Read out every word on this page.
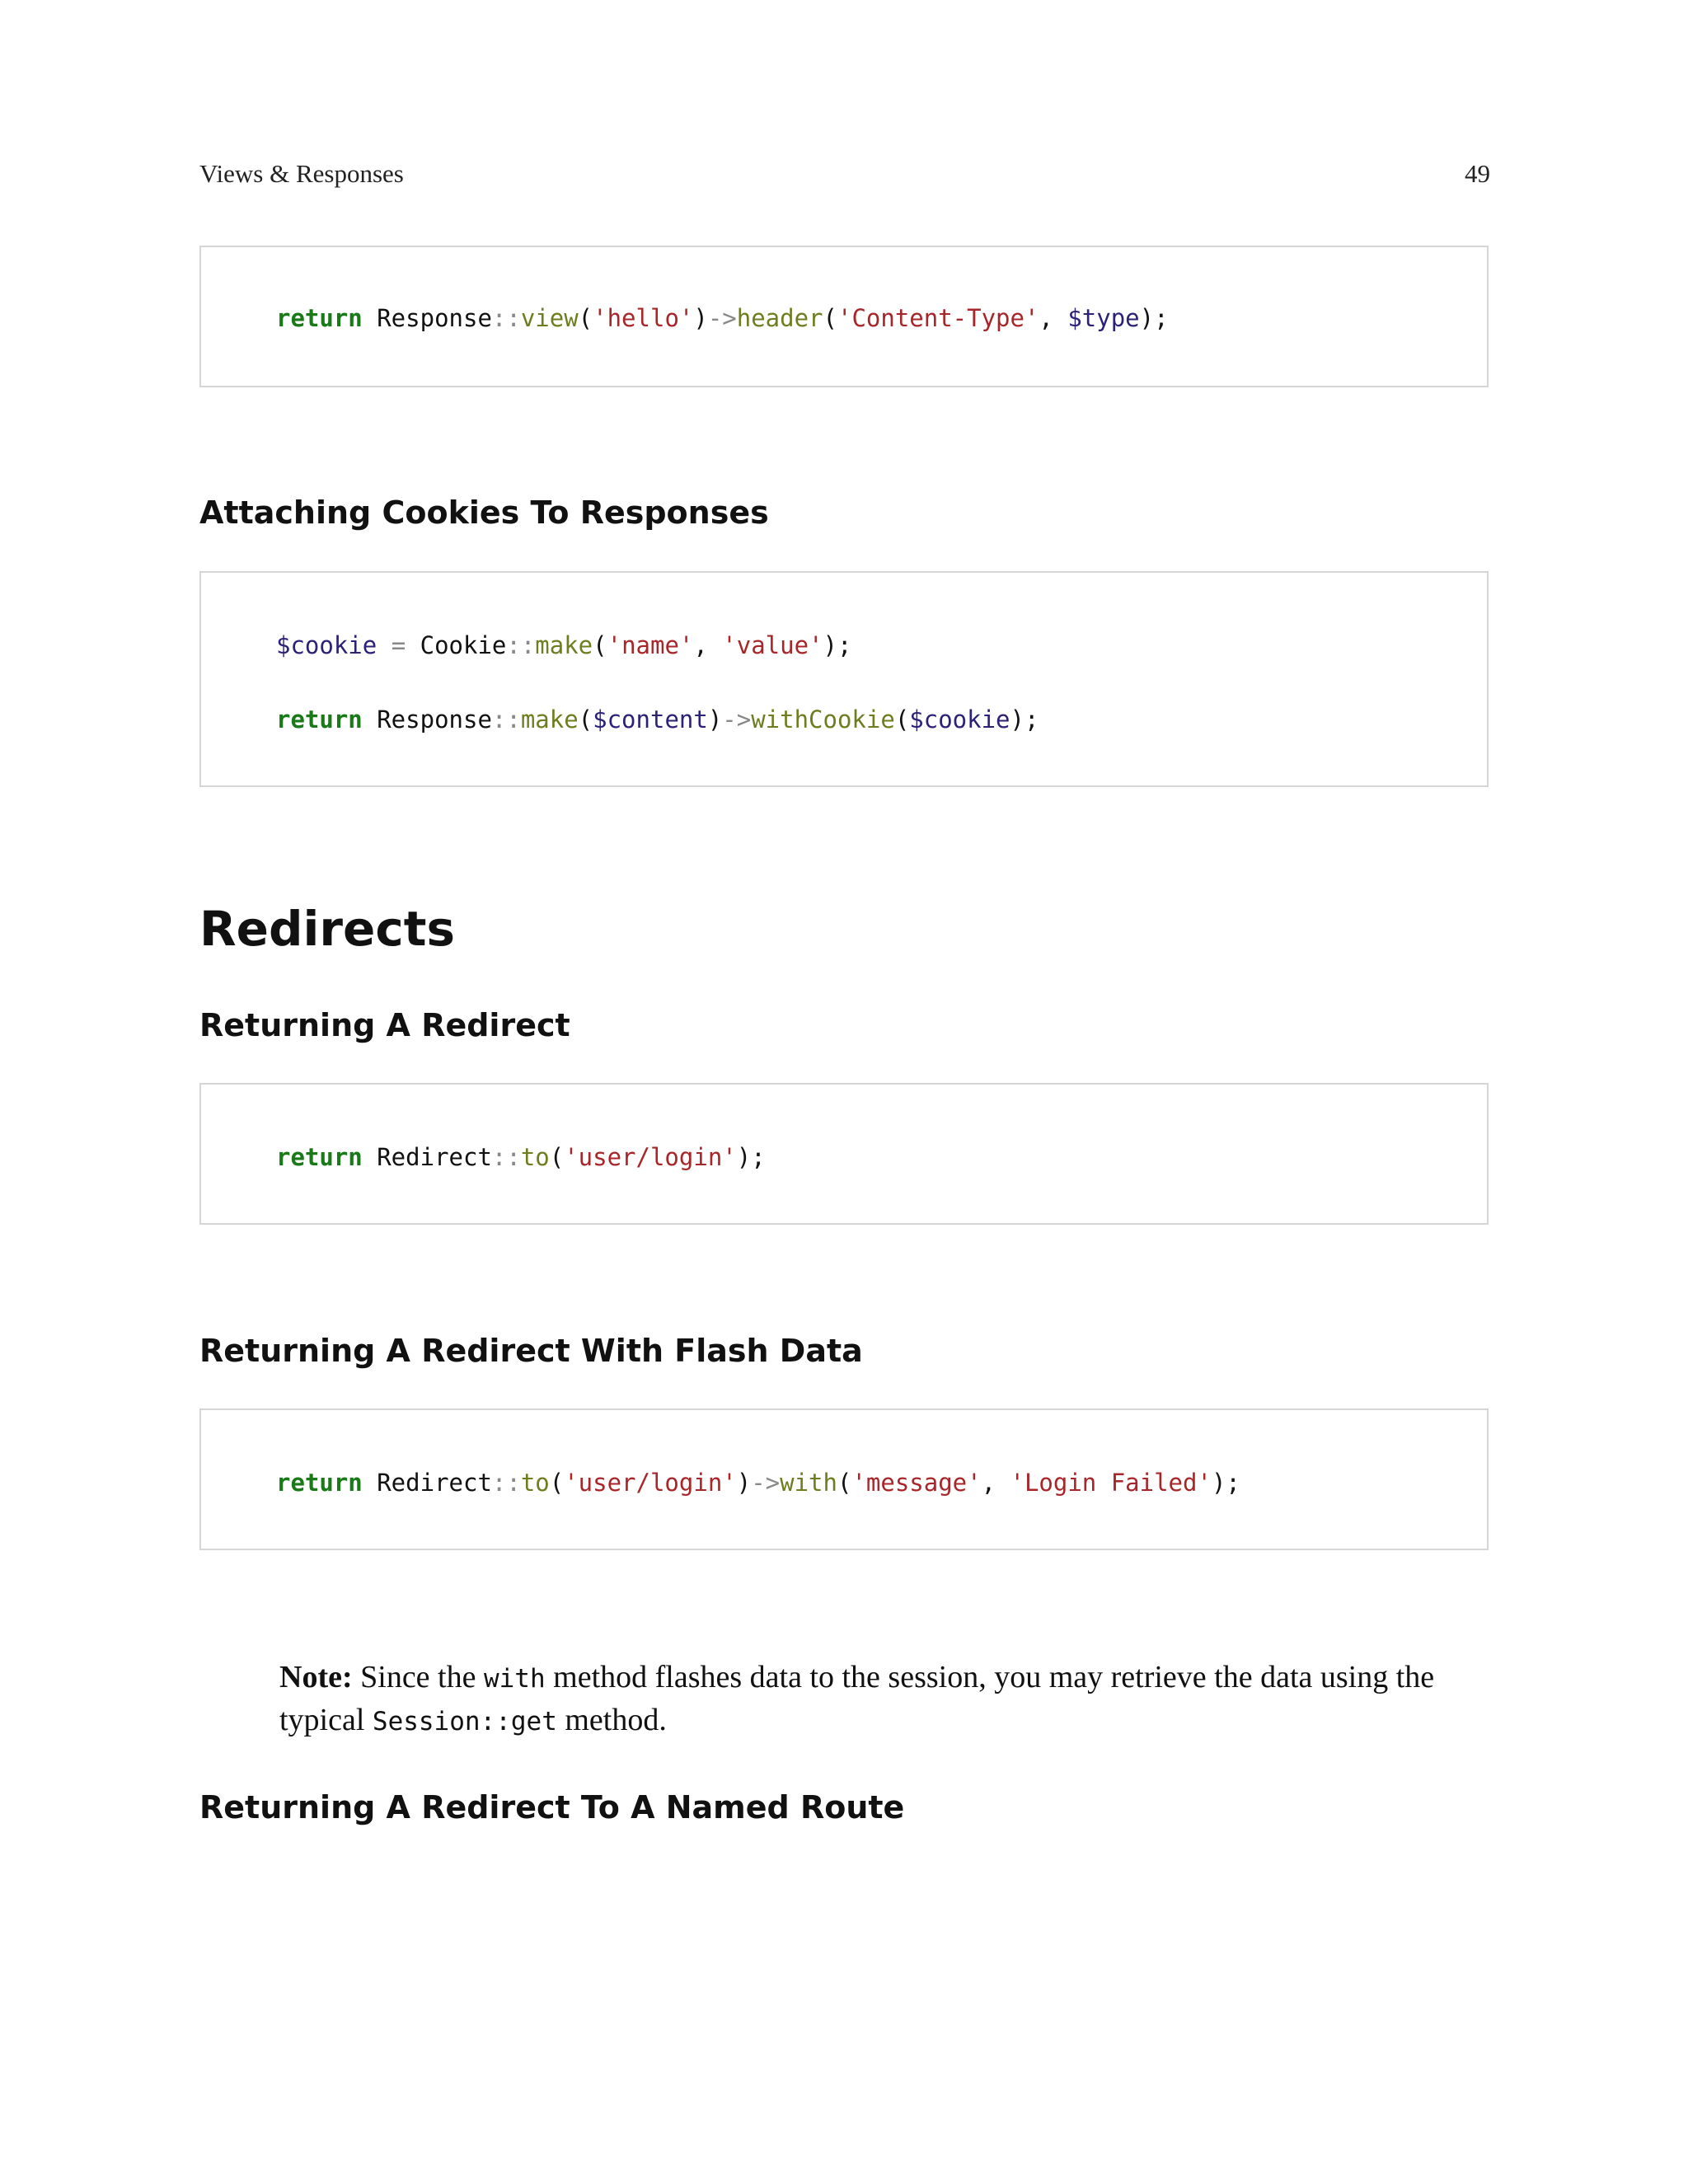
Views & Responses	49
return Response::view('hello')->header('Content-Type', $type);
Attaching Cookies To Responses
$cookie = Cookie::make('name', 'value');
return Response::make($content)->withCookie($cookie);
Redirects
Returning A Redirect
return Redirect::to('user/login');
Returning A Redirect With Flash Data
return Redirect::to('user/login')->with('message', 'Login Failed');
Note: Since the with method flashes data to the session, you may retrieve the data using the typical Session::get method.
Returning A Redirect To A Named Route
